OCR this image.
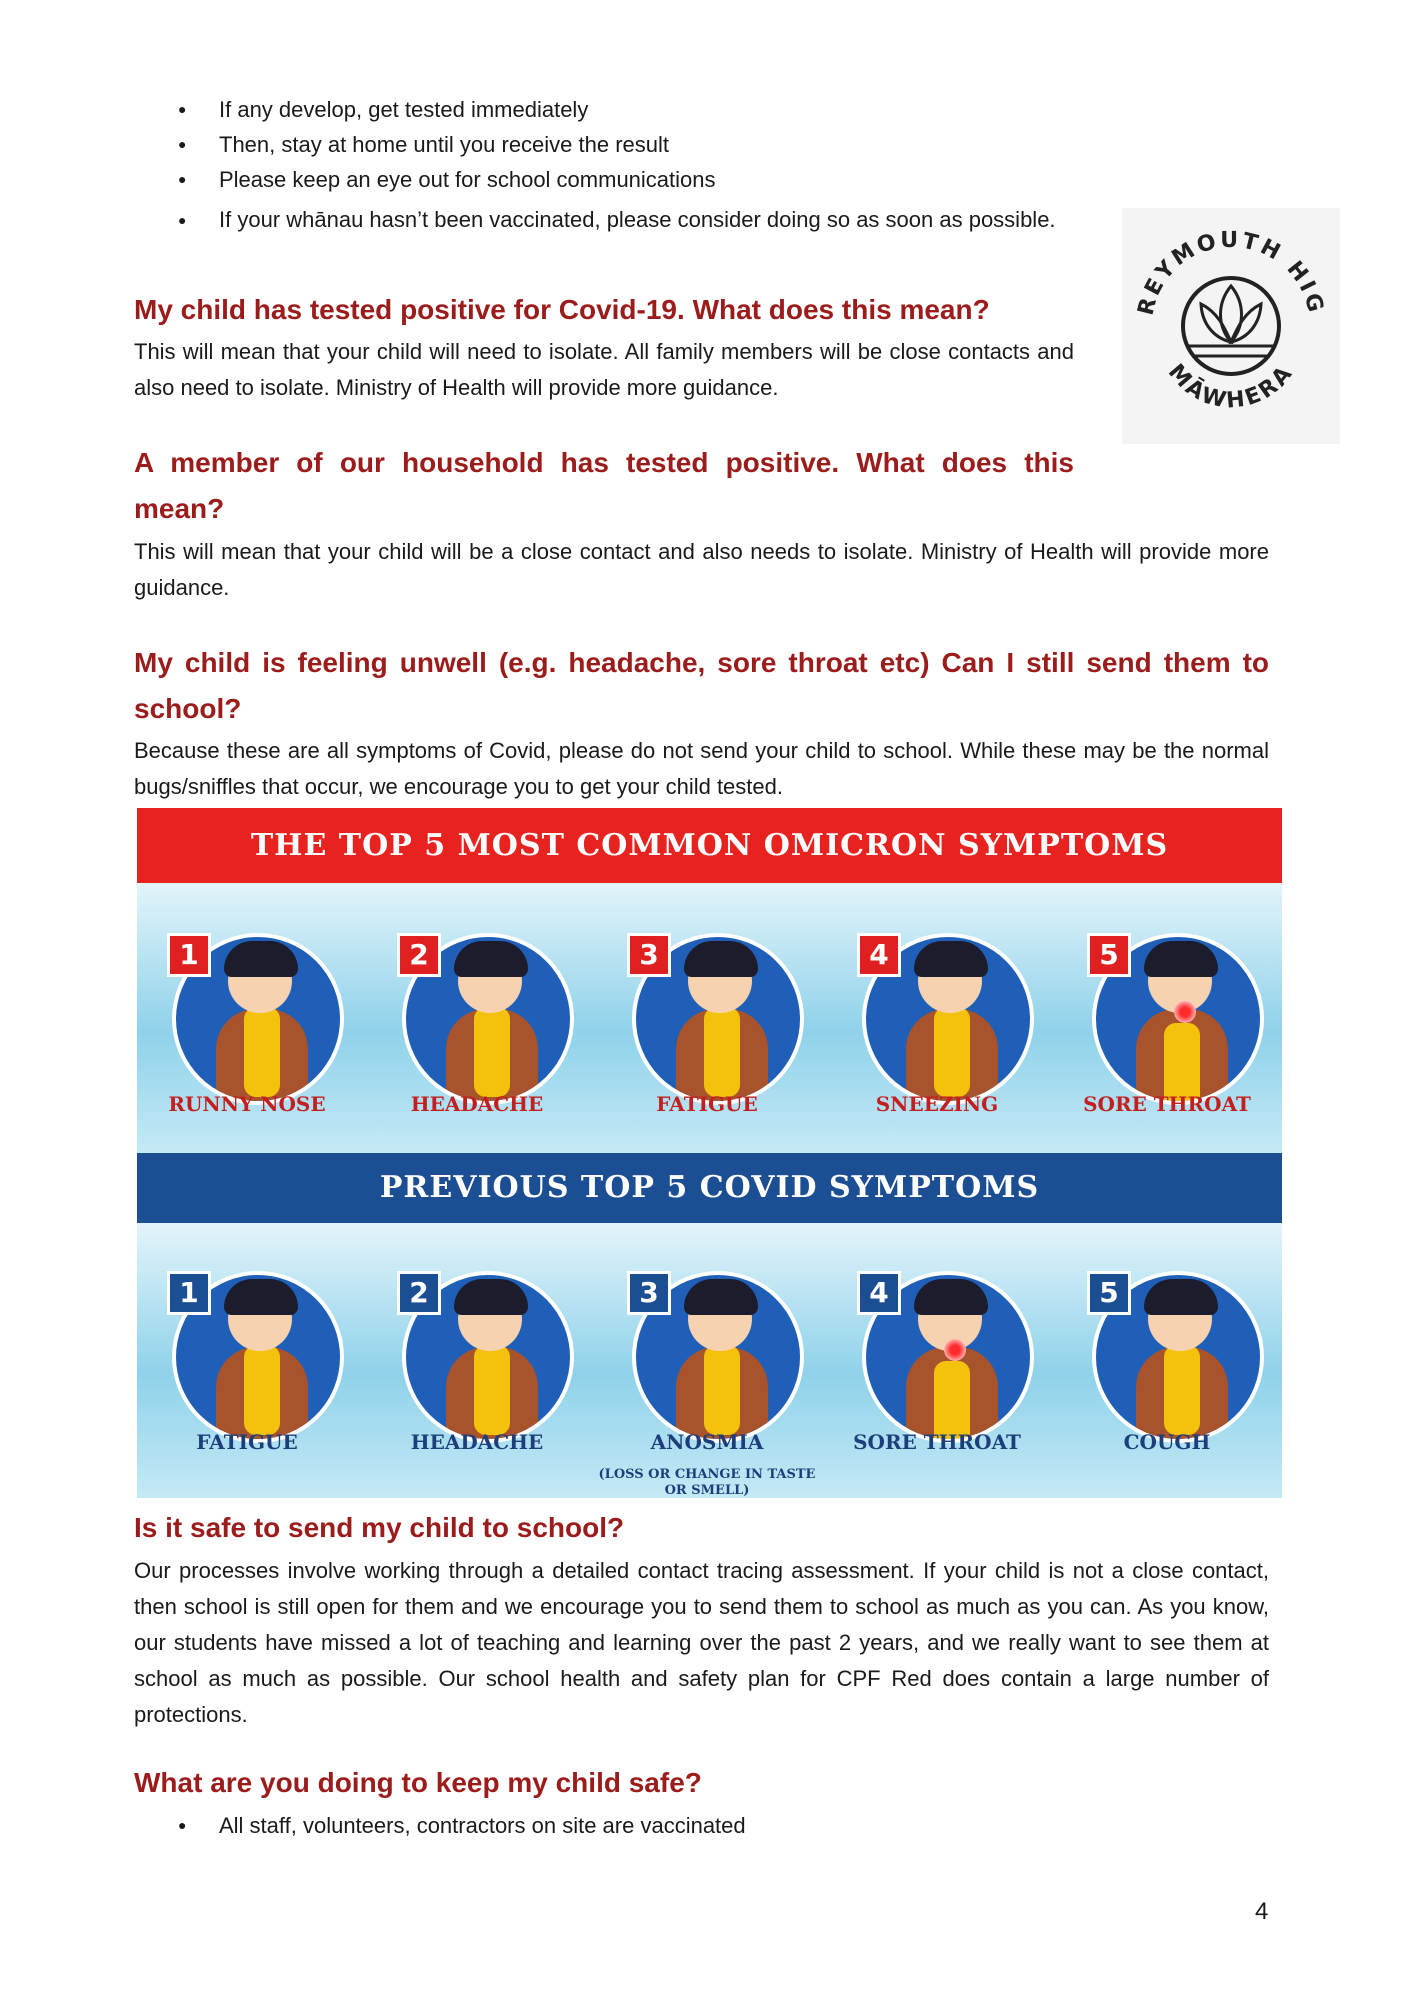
● If any develop, get tested immediately
● Then, stay at home until you receive the result
● Please keep an eye out for school communications
● If your whānau hasn’t been vaccinated, please consider doing so as soon as possible.
REYMOUTH HIG
MĀWHERA
My child has tested positive for Covid-19. What does this mean?

This will mean that your child will need to isolate. All family members will be close contacts and also need to isolate. Ministry of Health will provide more guidance.

A member of our household has tested positive. What does this mean?

This will mean that your child will be a close contact and also needs to isolate. Ministry of Health will provide more guidance.

My child is feeling unwell (e.g. headache, sore throat etc) Can I still send them to school?

Because these are all symptoms of Covid, please do not send your child to school. While these may be the normal bugs/sniffles that occur, we encourage you to get your child tested.

THE TOP 5 MOST COMMON OMICRON SYMPTOMS
1
RUNNY NOSE
2
HEADACHE
3
FATIGUE
4
SNEEZING
5
SORE THROAT
PREVIOUS TOP 5 COVID SYMPTOMS
1
FATIGUE
2
HEADACHE
3
ANOSMIA
(LOSS OR CHANGE IN TASTE OR SMELL)
4
SORE THROAT
5
COUGH
Is it safe to send my child to school?

Our processes involve working through a detailed contact tracing assessment. If your child is not a close contact, then school is still open for them and we encourage you to send them to school as much as you can. As you know, our students have missed a lot of teaching and learning over the past 2 years, and we really want to see them at school as much as possible. Our school health and safety plan for CPF Red does contain a large number of protections.

What are you doing to keep my child safe?
● All staff, volunteers, contractors on site are vaccinated
4
